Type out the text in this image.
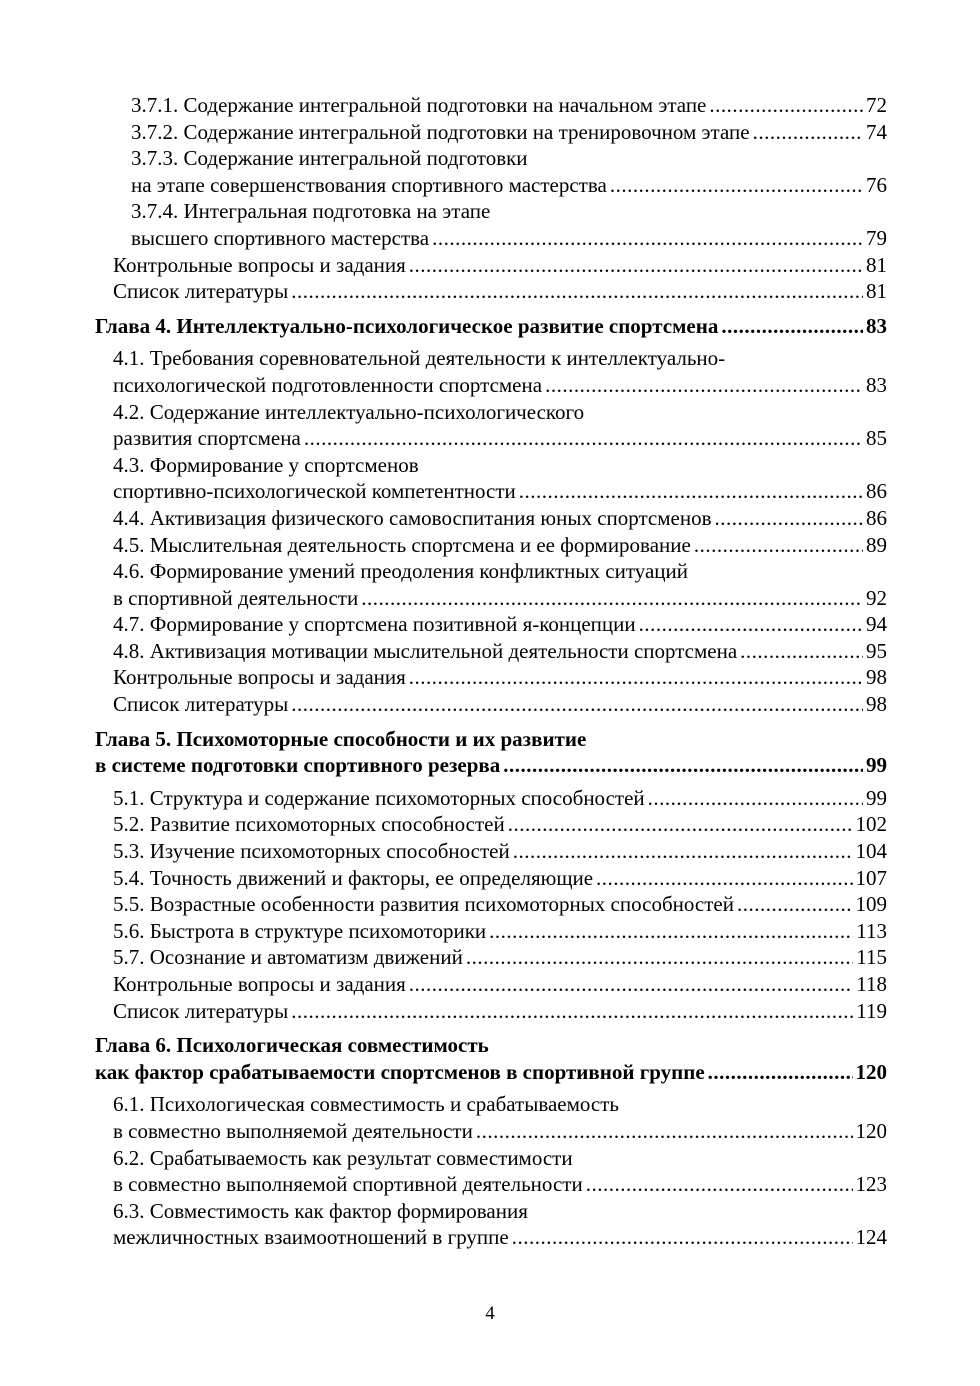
3.7.1. Содержание интегральной подготовки на начальном этапе .....	72
3.7.2. Содержание интегральной подготовки на тренировочном этапе .....	74
3.7.3. Содержание интегральной подготовки
на этапе совершенствования спортивного мастерства .....	76
3.7.4. Интегральная подготовка на этапе
высшего спортивного мастерства .....	79
Контрольные вопросы и задания .....	81
Список литературы .....	81
Глава 4. Интеллектуально-психологическое развитие спортсмена .....	83
4.1. Требования соревновательной деятельности к интеллектуально-
психологической подготовленности спортсмена .....	83
4.2. Содержание интеллектуально-психологического
развития спортсмена .....	85
4.3. Формирование у спортсменов
спортивно-психологической компетентности .....	86
4.4. Активизация физического самовоспитания юных спортсменов .....	86
4.5. Мыслительная деятельность спортсмена и ее формирование .....	89
4.6. Формирование умений преодоления конфликтных ситуаций
в спортивной деятельности .....	92
4.7. Формирование у спортсмена позитивной я-концепции .....	94
4.8. Активизация мотивации мыслительной деятельности спортсмена .....	95
Контрольные вопросы и задания .....	98
Список литературы .....	98
Глава 5. Психомоторные способности и их развитие
в системе подготовки спортивного резерва .....	99
5.1. Структура и содержание психомоторных способностей .....	99
5.2. Развитие психомоторных способностей .....	102
5.3. Изучение психомоторных способностей .....	104
5.4. Точность движений и факторы, ее определяющие .....	107
5.5. Возрастные особенности развития психомоторных способностей .....	109
5.6. Быстрота в структуре психомоторики .....	113
5.7. Осознание и автоматизм движений .....	115
Контрольные вопросы и задания .....	118
Список литературы .....	119
Глава 6. Психологическая совместимость
как фактор срабатываемости спортсменов в спортивной группе .....	120
6.1. Психологическая совместимость и срабатываемость
в совместно выполняемой деятельности .....	120
6.2. Срабатываемость как результат совместимости
в совместно выполняемой спортивной деятельности .....	123
6.3. Совместимость как фактор формирования
межличностных взаимоотношений в группе .....	124
4
